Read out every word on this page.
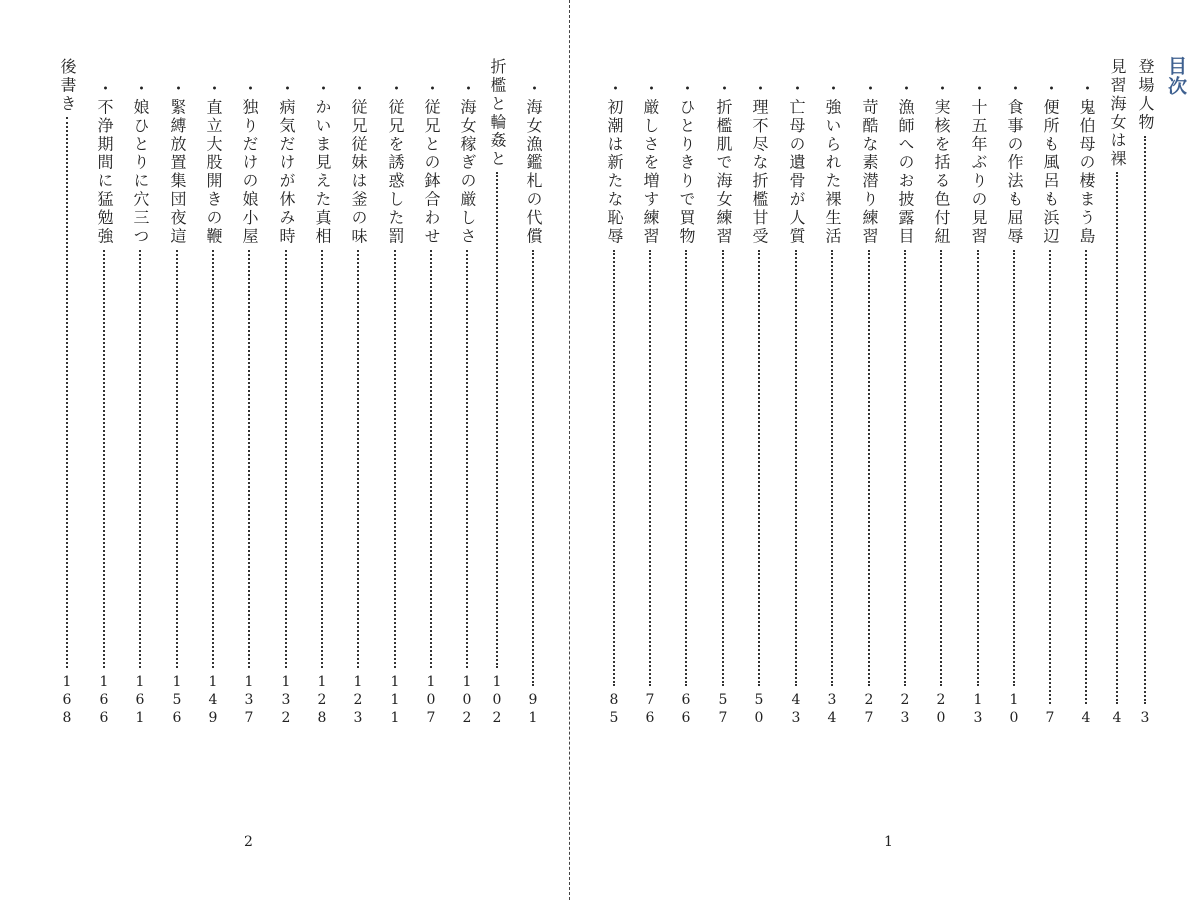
目次
登場人物
3
見習海女は裸
4
・鬼伯母の棲まう島
4
・便所も風呂も浜辺
7
・食事の作法も屈辱
10
・十五年ぶりの見習
13
・実核を括る色付紐
20
・漁師へのお披露目
23
・苛酷な素潜り練習
27
・強いられた裸生活
34
・亡母の遺骨が人質
43
・理不尽な折檻甘受
50
・折檻肌で海女練習
57
・ひとりきりで買物
66
・厳しさを増す練習
76
・初潮は新たな恥辱
85
・海女漁鑑札の代償
91
折檻と輪姦と
102
・海女稼ぎの厳しさ
102
・従兄との鉢合わせ
107
・従兄を誘惑した罰
111
・従兄従妹は釜の味
123
・かいま見えた真相
128
・病気だけが休み時
132
・独りだけの娘小屋
137
・直立大股開きの鞭
149
・緊縛放置集団夜這
156
・娘ひとりに穴三つ
161
・不浄期間に猛勉強
166
後書き
168
1
2
